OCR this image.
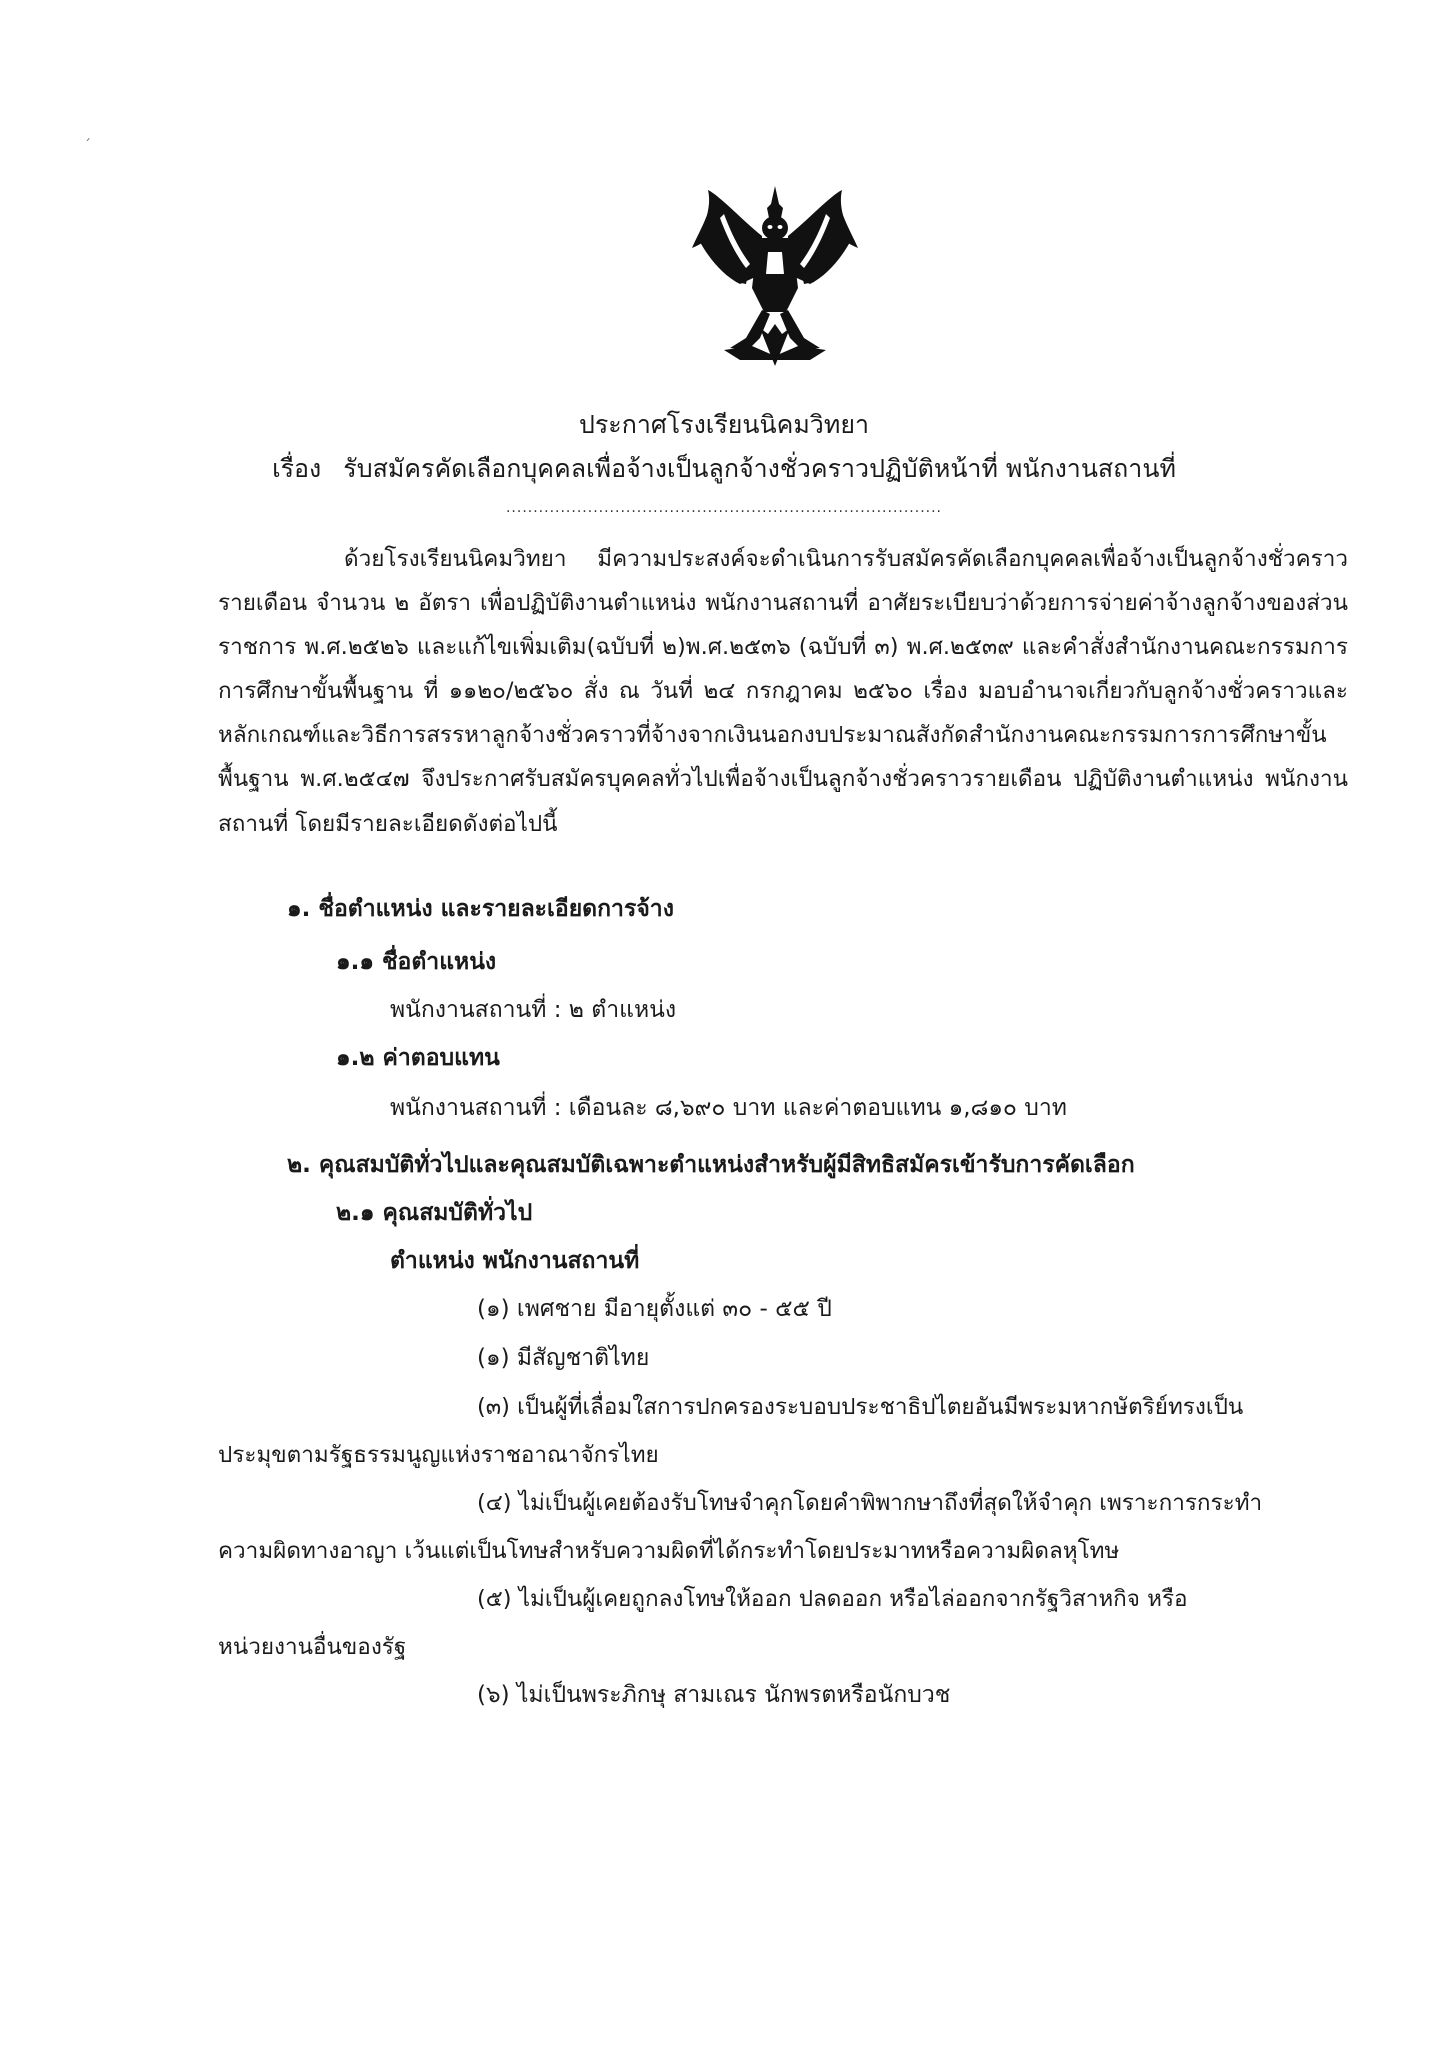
ˊ
ประกาศโรงเรียนนิคมวิทยา
เรื่อง รับสมัครคัดเลือกบุคคลเพื่อจ้างเป็นลูกจ้างชั่วคราวปฏิบัติหน้าที่ พนักงานสถานที่
................................................................................
ด้วยโรงเรียนนิคมวิทยา มีความประสงค์จะดำเนินการรับสมัครคัดเลือกบุคคลเพื่อจ้างเป็นลูกจ้างชั่วคราวรายเดือน จำนวน ๒ อัตรา เพื่อปฏิบัติงานตำแหน่ง พนักงานสถานที่ อาศัยระเบียบว่าด้วยการจ่ายค่าจ้างลูกจ้างของส่วนราชการ พ.ศ.๒๕๒๖ และแก้ไขเพิ่มเติม(ฉบับที่ ๒)พ.ศ.๒๕๓๖ (ฉบับที่ ๓) พ.ศ.๒๕๓๙ และคำสั่งสำนักงานคณะกรรมการการศึกษาขั้นพื้นฐาน ที่ ๑๑๒๐/๒๕๖๐ สั่ง ณ วันที่ ๒๔ กรกฎาคม ๒๕๖๐ เรื่อง มอบอำนาจเกี่ยวกับลูกจ้างชั่วคราวและหลักเกณฑ์และวิธีการสรรหาลูกจ้างชั่วคราวที่จ้างจากเงินนอกงบประมาณสังกัดสำนักงานคณะกรรมการการศึกษาขั้นพื้นฐาน พ.ศ.๒๕๔๗ จึงประกาศรับสมัครบุคคลทั่วไปเพื่อจ้างเป็นลูกจ้างชั่วคราวรายเดือน ปฏิบัติงานตำแหน่ง พนักงานสถานที่ โดยมีรายละเอียดดังต่อไปนี้
๑. ชื่อตำแหน่ง และรายละเอียดการจ้าง
๑.๑ ชื่อตำแหน่ง
พนักงานสถานที่ : ๒ ตำแหน่ง
๑.๒ ค่าตอบแทน
พนักงานสถานที่ : เดือนละ ๘,๖๙๐ บาท และค่าตอบแทน ๑,๘๑๐ บาท
๒. คุณสมบัติทั่วไปและคุณสมบัติเฉพาะตำแหน่งสำหรับผู้มีสิทธิสมัครเข้ารับการคัดเลือก
๒.๑ คุณสมบัติทั่วไป
ตำแหน่ง พนักงานสถานที่
(๑) เพศชาย มีอายุตั้งแต่ ๓๐ - ๕๕ ปี
(๑) มีสัญชาติไทย
(๓) เป็นผู้ที่เลื่อมใสการปกครองระบอบประชาธิปไตยอันมีพระมหากษัตริย์ทรงเป็น
ประมุขตามรัฐธรรมนูญแห่งราชอาณาจักรไทย
(๔) ไม่เป็นผู้เคยต้องรับโทษจำคุกโดยคำพิพากษาถึงที่สุดให้จำคุก เพราะการกระทำ
ความผิดทางอาญา เว้นแต่เป็นโทษสำหรับความผิดที่ได้กระทำโดยประมาทหรือความผิดลหุโทษ
(๕) ไม่เป็นผู้เคยถูกลงโทษให้ออก ปลดออก หรือไล่ออกจากรัฐวิสาหกิจ หรือ
หน่วยงานอื่นของรัฐ
(๖) ไม่เป็นพระภิกษุ สามเณร นักพรตหรือนักบวช
